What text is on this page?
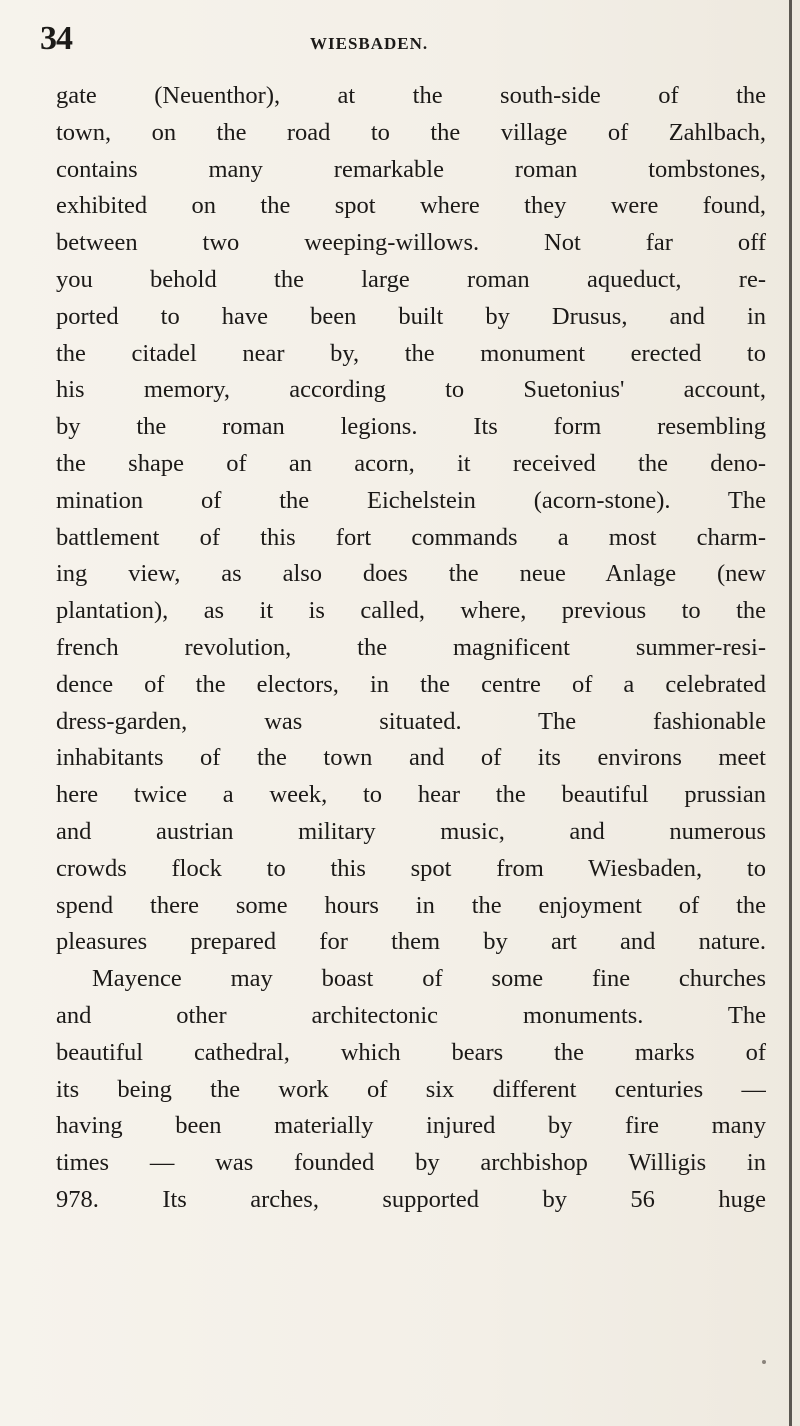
34	WIESBADEN.
gate (Neuenthor), at the south-side of the
town, on the road to the village of Zahlbach,
contains many remarkable roman tombstones,
exhibited on the spot where they were found,
between two weeping-willows. Not far off
you behold the large roman aqueduct, re-
ported to have been built by Drusus, and in
the citadel near by, the monument erected to
his memory, according to Suetonius' account,
by the roman legions. Its form resembling
the shape of an acorn, it received the deno-
mination of the Eichelstein (acorn-stone). The
battlement of this fort commands a most charm-
ing view, as also does the neue Anlage (new
plantation), as it is called, where, previous to the
french revolution, the magnificent summer-resi-
dence of the electors, in the centre of a celebrated
dress-garden, was situated. The fashionable
inhabitants of the town and of its environs meet
here twice a week, to hear the beautiful prussian
and austrian military music, and numerous
crowds flock to this spot from Wiesbaden, to
spend there some hours in the enjoyment of the
pleasures prepared for them by art and nature.
Mayence may boast of some fine churches
and other architectonic monuments. The
beautiful cathedral, which bears the marks of
its being the work of six different centuries —
having been materially injured by fire many
times — was founded by archbishop Willigis in
978. Its arches, supported by 56 huge
